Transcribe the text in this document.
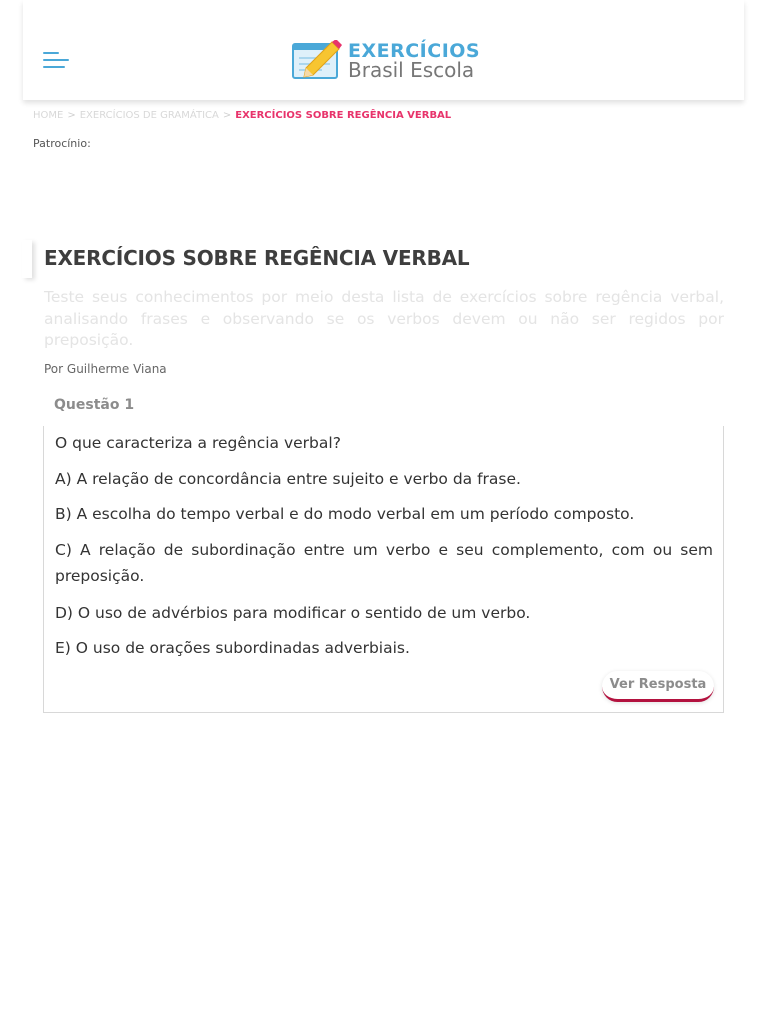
EXERCÍCIOS
Brasil Escola
HOME > EXERCÍCIOS DE GRAMÁTICA > EXERCÍCIOS SOBRE REGÊNCIA VERBAL
Patrocínio:
EXERCÍCIOS SOBRE REGÊNCIA VERBAL

Teste seus conhecimentos por meio desta lista de exercícios sobre regência verbal, analisando frases e observando se os verbos devem ou não ser regidos por preposição.

Por Guilherme Viana
Questão 1

O que caracteriza a regência verbal?

A) A relação de concordância entre sujeito e verbo da frase.

B) A escolha do tempo verbal e do modo verbal em um período composto.

C) A relação de subordinação entre um verbo e seu complemento, com ou sem preposição.

D) O uso de advérbios para modificar o sentido de um verbo.

E) O uso de orações subordinadas adverbiais.

Ver Resposta
